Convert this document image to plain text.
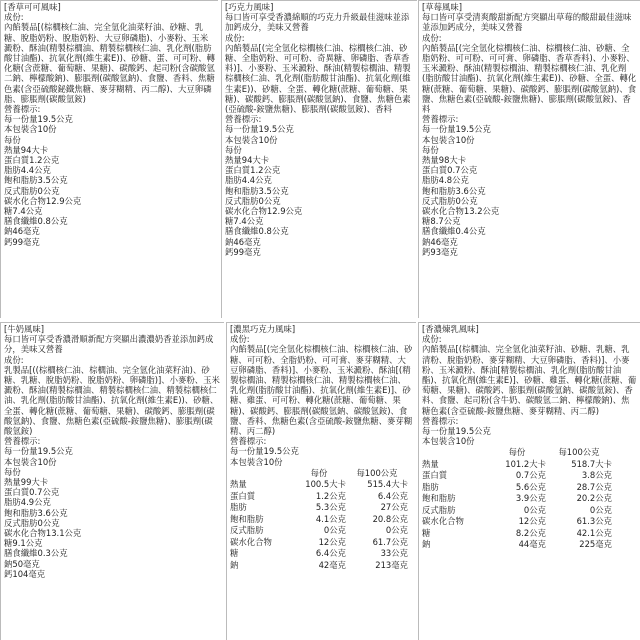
[香草可可風味]
成份:
內餡製品[(棕櫚核仁油、完全氫化油菜籽油、砂糖、乳糖、脫脂奶粉、脫脂奶粉、大豆卵磷脂)、小麥粉、玉米澱粉、酥油(精製棕櫚油、精製棕櫚核仁油、乳化劑(脂肪酸甘油酯)、抗氧化劑(維生素E))、砂糖、蛋、可可粉、轉化糖(含蔗糖、葡萄糖、果糖)、碳酸鈣、起司粉(含碳酸氫二鈉、檸檬酸鈉)、膨脹劑(碳酸氫鈉)、食鹽、香料、焦糖色素(含亞硫酸鉍鐵焦糖、麥芽糊精、丙二醇)、大豆卵磷脂、膨脹劑(碳酸氫銨)
營養標示:
每一份量19.5公克
本包裝含10份
每份
熱量94大卡
蛋白質1.2公克
脂肪4.4公克
飽和脂肪3.5公克
反式脂肪0公克
碳水化合物12.9公克
糖7.4公克
膳食纖維0.8公克
鈉46毫克
鈣99毫克
[巧克力風味]
每口皆可享受香濃綿順的巧克力升級最佳滋味並添加鈣成分，美味又營養
成份:
內餡製品[(完全氫化棕櫚核仁油、棕櫚核仁油、砂糖、全脂奶粉、可可粉、奇異糖、卵磷脂、香草香料)]、小麥粉、玉米澱粉、酥油(精製棕櫚油、精製棕櫚核仁油、乳化劑(脂肪酸甘油酯)、抗氧化劑(維生素E))、砂糖、全蛋、轉化糖(蔗糖、葡萄糖、果糖)、碳酸鈣、膨脹劑(碳酸氫鈉)、食鹽、焦糖色素(亞硫酸-銨鹽焦糖)、膨脹劑(碳酸氫銨)、香料
營養標示:
每一份量19.5公克
本包裝含10份
每份
熱量94大卡
蛋白質1.2公克
脂肪4.4公克
飽和脂肪3.5公克
反式脂肪0公克
碳水化合物12.9公克
糖7.4公克
膳食纖維0.8公克
鈉46毫克
鈣99毫克
[草莓風味]
每口皆可享受清爽酸甜新配方突顯出草莓的酸甜最佳滋味並添加鈣成分，美味又營養
成份:
內餡製品[(完全氫化棕櫚核仁油、棕櫚核仁油、砂糖、全脂奶粉、可可粉、可可膏、卵磷脂、香草香料)、小麥粉、玉米澱粉、酥油(精製棕櫚油、精製棕櫚核仁油、乳化劑(脂肪酸甘油酯)、抗氧化劑(維生素E))、砂糖、全蛋、轉化糖(蔗糖、葡萄糖、果糖)、碳酸鈣、膨脹劑(碳酸氫鈉)、食鹽、焦糖色素(亞硫酸-銨鹽焦糖)、膨脹劑(碳酸氫銨)、香料
營養標示:
每一份量19.5公克
本包裝含10份
每份
熱量98大卡
蛋白質0.7公克
脂肪4.8公克
飽和脂肪3.6公克
反式脂肪0公克
碳水化合物13.2公克
糖8.7公克
膳食纖維0.4公克
鈉46毫克
鈣93毫克
[牛奶風味]
每口皆可享受香濃滑順新配方突顯出濃濃奶香並添加鈣成分，美味又營養
成份:
乳製品[((棕櫚核仁油、棕櫚油、完全氫化油菜籽油)、砂糖、乳糖、脫脂奶粉、脫脂奶粉、卵磷脂)]、小麥粉、玉米澱粉、酥油(精製棕櫚油、精製棕櫚核仁油、精製棕櫚核仁油、乳化劑(脂肪酸甘油酯)、抗氧化劑(維生素E))、砂糖、全蛋、轉化糖(蔗糖、葡萄糖、果糖)、碳酸鈣、膨脹劑(碳酸氫鈉)、食鹽、焦糖色素(亞硫酸-銨鹽焦糖)、膨脹劑(碳酸氫銨)
營養標示:
每一份量19.5公克
本包裝含10份
每份
熱量99大卡
蛋白質0.7公克
脂肪4.9公克
飽和脂肪3.6公克
反式脂肪0公克
碳水化合物13.1公克
糖9.1公克
膳食纖維0.3公克
鈉50毫克
鈣104毫克
[濃黑巧克力風味]
成份:
內餡製品[(完全氫化棕櫚核仁油、棕櫚核仁油、砂糖、可可粉、全脂奶粉、可可膏、麥芽糊精、大豆卵磷脂、香料)]、小麥粉、玉米澱粉、酥油[(精製棕櫚油、精製棕櫚核仁油、精製棕櫚核仁油、乳化劑(脂肪酸甘油酯)、抗氧化劑(維生素E)]、砂糖、雞蛋、可可粉、轉化糖(蔗糖、葡萄糖、果糖)、碳酸鈣、膨脹劑(碳酸氫鈉、碳酸氫銨)、食鹽、香料、焦糖色素(含亞硫酸-銨鹽焦糖、麥芽糊精、丙二醇)
營養標示:
每一份量19.5公克
本包裝含10份
	每份	每100公克
熱量	100.5大卡	515.4大卡
蛋白質	1.2公克	6.4公克
脂肪	5.3公克	27公克
飽和脂肪	4.1公克	20.8公克
反式脂肪	0公克	0公克
碳水化合物	12公克	61.7公克
糖	6.4公克	33公克
鈉	42毫克	213毫克
[香濃煉乳風味]
成份:
內餡製品[(棕櫚油、完全氫化油菜籽油、砂糖、乳糖、乳清粉、脫脂奶粉、麥芽糊精、大豆卵磷脂、香料)]、小麥粉、玉米澱粉、酥油[精製棕櫚油、乳化劑(脂肪酸甘油酯)、抗氧化劑(維生素E)]、砂糖、雞蛋、轉化糖(蔗糖、葡萄糖、果糖)、碳酸鈣、膨脹劑(碳酸氫鈉、碳酸氫銨)、香料、食鹽、起司粉(含牛奶、碳酸氫二鈉、檸檬酸鈉)、焦糖色素(含亞硫酸-銨鹽焦糖、麥芽糊精、丙二醇)
營養標示:
每一份量19.5公克
本包裝含10份
	每份	每100公克
熱量	101.2大卡	518.7大卡
蛋白質	0.7公克	3.8公克
脂肪	5.6公克	28.7公克
飽和脂肪	3.9公克	20.2公克
反式脂肪	0公克	0公克
碳水化合物	12公克	61.3公克
糖	8.2公克	42.1公克
鈉	44毫克	225毫克
